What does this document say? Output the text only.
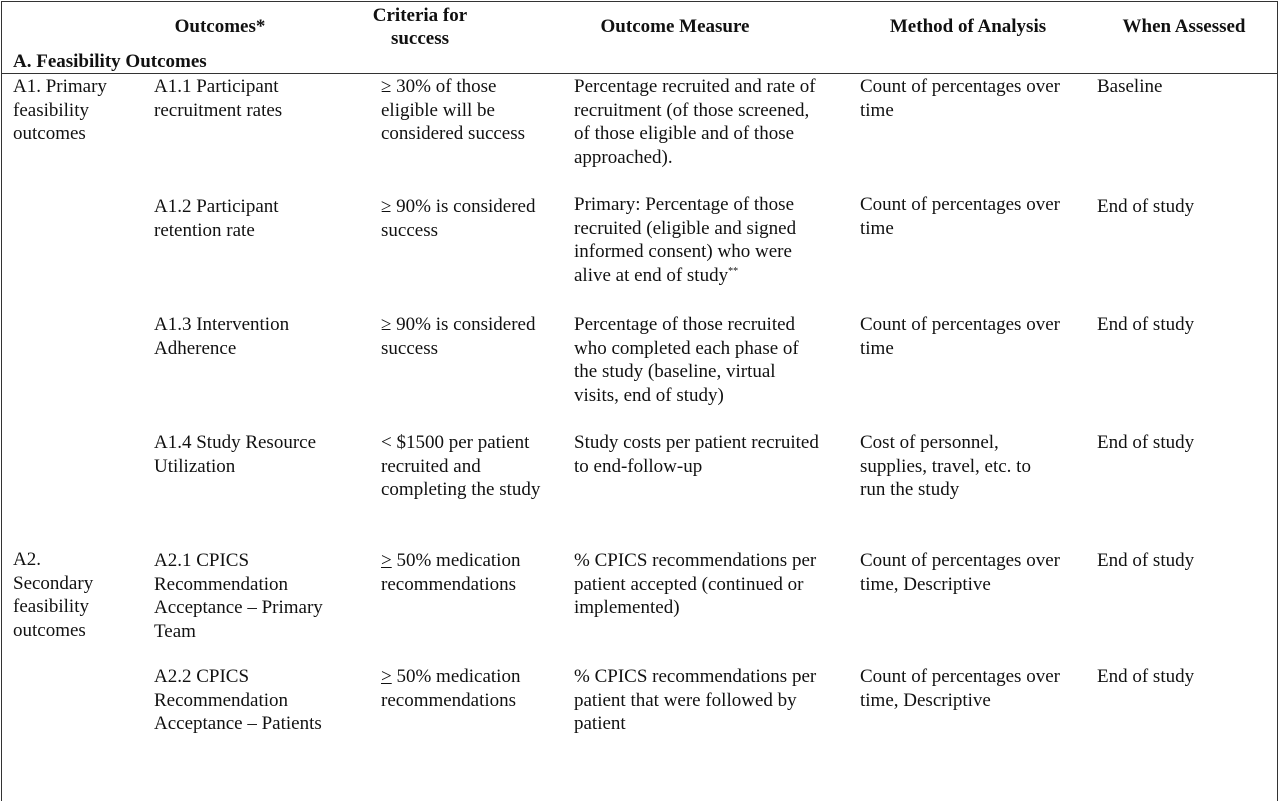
Outcomes*
Criteria for
success
Outcome Measure	Method of Analysis	When Assessed
A. Feasibility Outcomes
A1. Primary
feasibility
outcomes
A2.
Secondary
feasibility
outcomes
A1.1 Participant
recruitment rates
≥ 30% of those
eligible will be
considered success
Percentage recruited and rate of
recruitment (of those screened,
of those eligible and of those
approached).
Count of percentages over
time
Baseline
A1.2 Participant
retention rate
≥ 90% is considered
success
Primary: Percentage of those
recruited (eligible and signed
informed consent) who were
alive at end of study**
Count of percentages over
time
End of study
A1.3 Intervention
Adherence
≥ 90% is considered
success
Percentage of those recruited
who completed each phase of
the study (baseline, virtual
visits, end of study)
Count of percentages over
time
End of study
A1.4 Study Resource
Utilization
< $1500 per patient
recruited and
completing the study
Study costs per patient recruited
to end-follow-up
Cost of personnel,
supplies, travel, etc. to
run the study
End of study
A2.1 CPICS
Recommendation
Acceptance – Primary
Team
≥ 50% medication
recommendations
% CPICS recommendations per
patient accepted (continued or
implemented)
Count of percentages over
time, Descriptive
End of study
A2.2 CPICS
Recommendation
Acceptance – Patients
≥ 50% medication
recommendations
% CPICS recommendations per
patient that were followed by
patient
Count of percentages over
time, Descriptive
End of study
